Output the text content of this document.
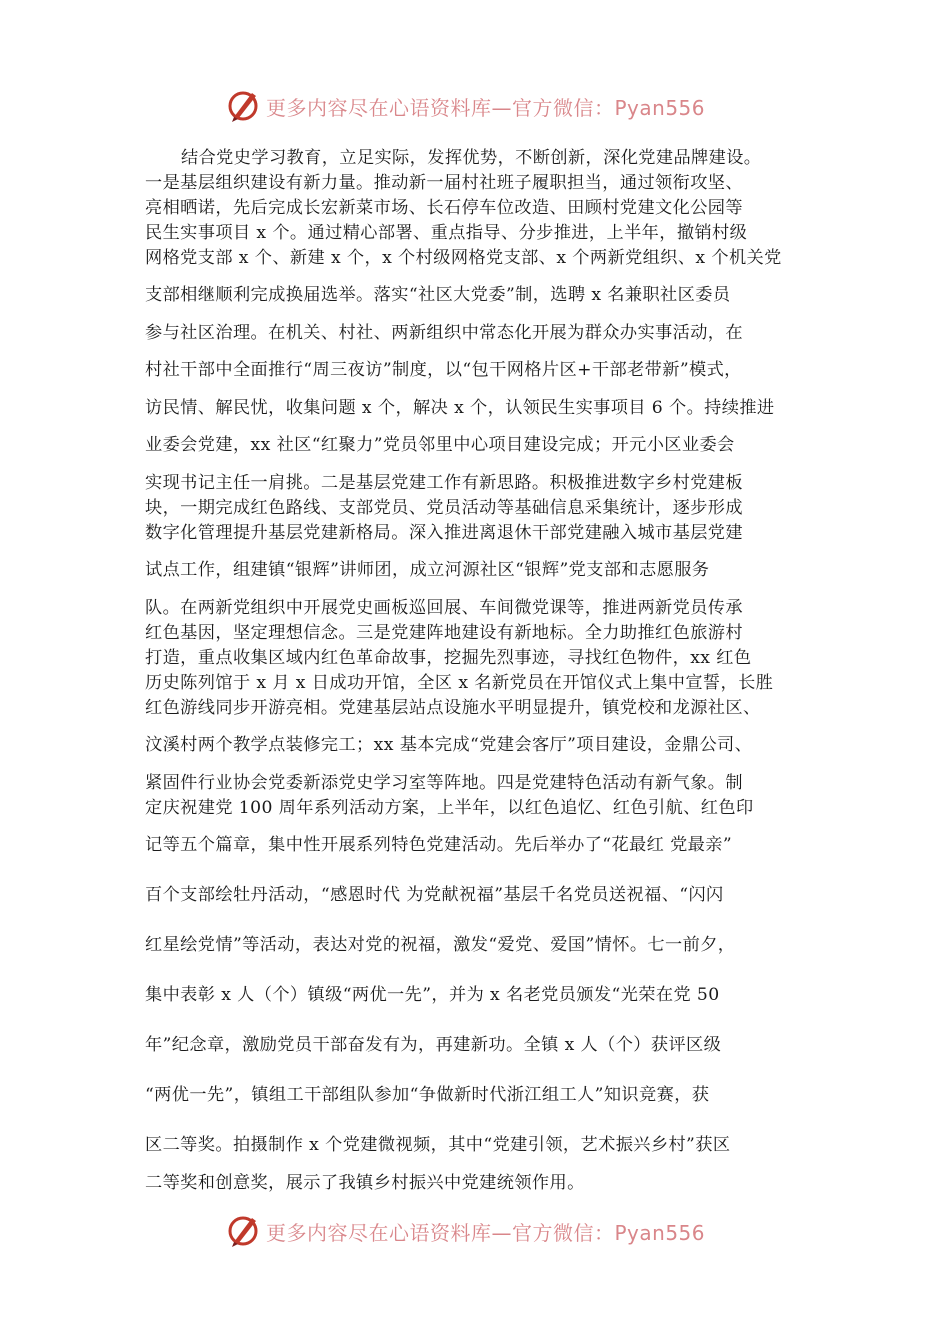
更多内容尽在心语资料库—官方微信：Pyan556
结合党史学习教育，立足实际，发挥优势，不断创新，深化党建品牌建设。
一是基层组织建设有新力量。推动新一届村社班子履职担当，通过领衔攻坚、
亮相晒诺，先后完成长宏新菜市场、长石停车位改造、田顾村党建文化公园等
民生实事项目 x 个。通过精心部署、重点指导、分步推进，上半年，撤销村级
网格党支部 x 个、新建 x 个，x 个村级网格党支部、x 个两新党组织、x 个机关党
支部相继顺利完成换届选举。落实“社区大党委”制，选聘 x 名兼职社区委员
参与社区治理。在机关、村社、两新组织中常态化开展为群众办实事活动，在
村社干部中全面推行“周三夜访”制度，以“包干网格片区+干部老带新”模式，
访民情、解民忧，收集问题 x 个，解决 x 个，认领民生实事项目 6 个。持续推进
业委会党建，xx 社区“红聚力”党员邻里中心项目建设完成；开元小区业委会
实现书记主任一肩挑。二是基层党建工作有新思路。积极推进数字乡村党建板
块，一期完成红色路线、支部党员、党员活动等基础信息采集统计，逐步形成
数字化管理提升基层党建新格局。深入推进离退休干部党建融入城市基层党建
试点工作，组建镇“银辉”讲师团，成立河源社区“银辉”党支部和志愿服务
队。在两新党组织中开展党史画板巡回展、车间微党课等，推进两新党员传承
红色基因，坚定理想信念。三是党建阵地建设有新地标。全力助推红色旅游村
打造，重点收集区域内红色革命故事，挖掘先烈事迹，寻找红色物件，xx 红色
历史陈列馆于 x 月 x 日成功开馆，全区 x 名新党员在开馆仪式上集中宣誓，长胜
红色游线同步开游亮相。党建基层站点设施水平明显提升，镇党校和龙源社区、
汶溪村两个教学点装修完工；xx 基本完成“党建会客厅”项目建设，金鼎公司、
紧固件行业协会党委新添党史学习室等阵地。四是党建特色活动有新气象。制
定庆祝建党 100 周年系列活动方案，上半年，以红色追忆、红色引航、红色印
记等五个篇章，集中性开展系列特色党建活动。先后举办了“花最红 党最亲”
百个支部绘牡丹活动，“感恩时代 为党献祝福”基层千名党员送祝福、“闪闪
红星绘党情”等活动，表达对党的祝福，激发“爱党、爱国”情怀。七一前夕，
集中表彰 x 人（个）镇级“两优一先”，并为 x 名老党员颁发“光荣在党 50
年”纪念章，激励党员干部奋发有为，再建新功。全镇 x 人（个）获评区级
“两优一先”，镇组工干部组队参加“争做新时代浙江组工人”知识竞赛，获
区二等奖。拍摄制作 x 个党建微视频，其中“党建引领，艺术振兴乡村”获区
二等奖和创意奖，展示了我镇乡村振兴中党建统领作用。
更多内容尽在心语资料库—官方微信：Pyan556
